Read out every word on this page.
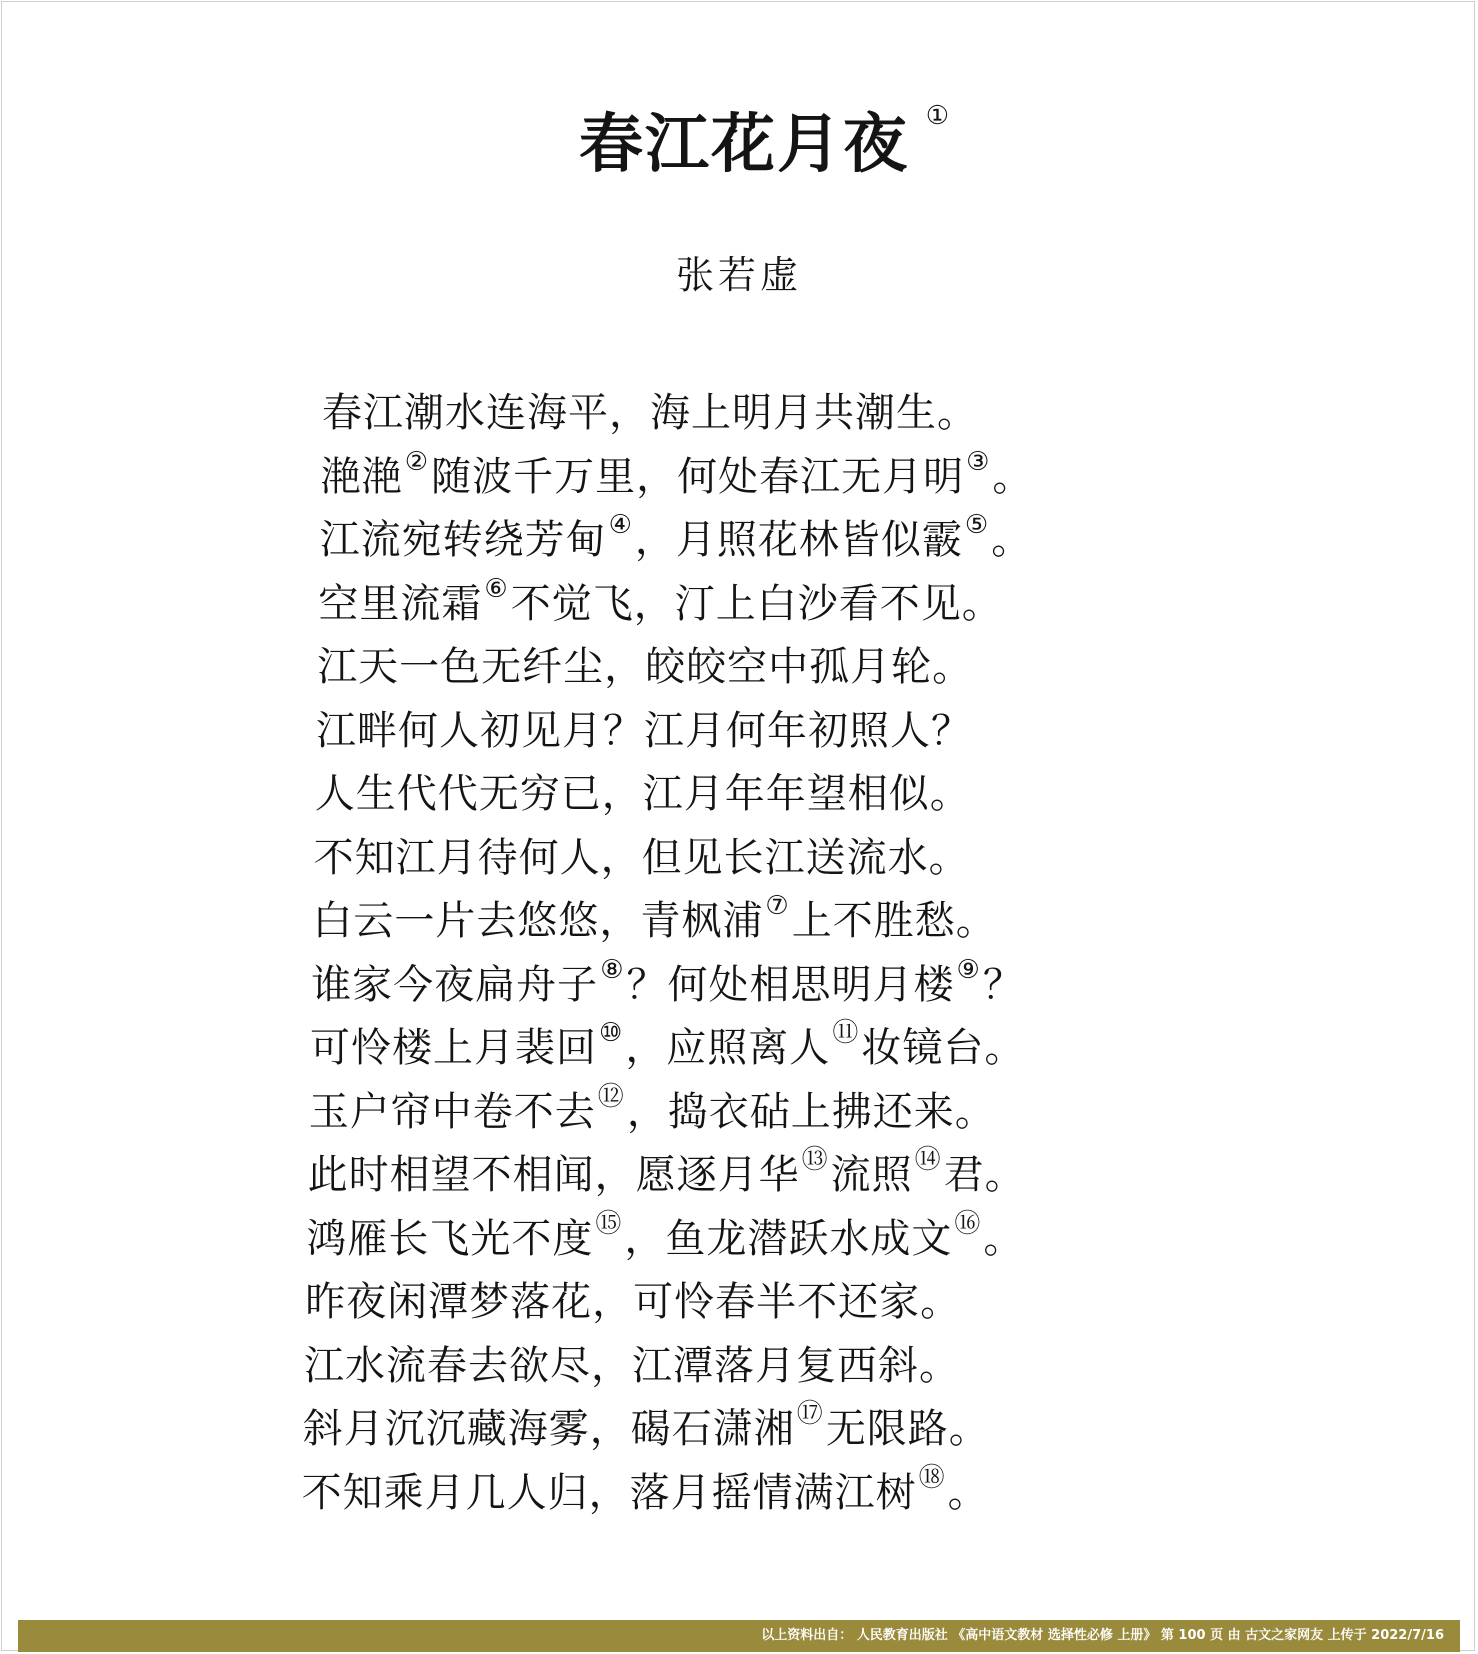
春江花月夜 ①
张若虚
春江潮水连海平，海上明月共潮生。
滟滟②随波千万里，何处春江无月明③。
江流宛转绕芳甸④，月照花林皆似霰⑤。
空里流霜⑥不觉飞，汀上白沙看不见。
江天一色无纤尘，皎皎空中孤月轮。
江畔何人初见月？江月何年初照人？
人生代代无穷已，江月年年望相似。
不知江月待何人，但见长江送流水。
白云一片去悠悠，青枫浦⑦上不胜愁。
谁家今夜扁舟子⑧？何处相思明月楼⑨？
可怜楼上月裴回⑩，应照离人⑪妆镜台。
玉户帘中卷不去⑫，捣衣砧上拂还来。
此时相望不相闻，愿逐月华⑬流照⑭君。
鸿雁长飞光不度⑮，鱼龙潜跃水成文⑯。
昨夜闲潭梦落花，可怜春半不还家。
江水流春去欲尽，江潭落月复西斜。
斜月沉沉藏海雾，碣石潇湘⑰无限路。
不知乘月几人归，落月摇情满江树⑱。
以上资料出自： 人民教育出版社 《高中语文教材 选择性必修 上册》 第 100 页 由 古文之家网友 上传于 2022/7/16
